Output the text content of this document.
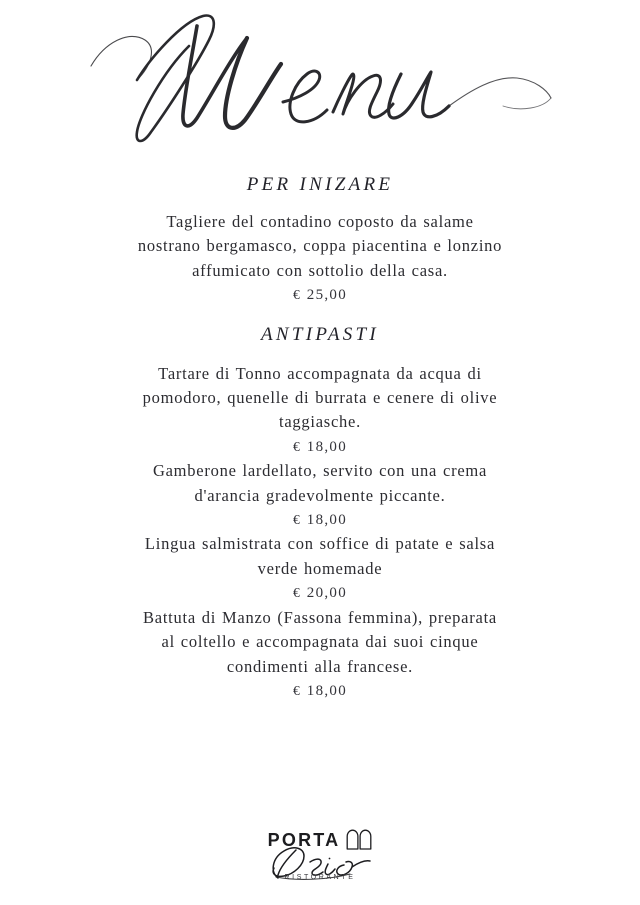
PER INIZARE

Tagliere del contadino coposto da salame nostrano bergamasco, coppa piacentina e lonzino affumicato con sottolio della casa.

€ 25,00

ANTIPASTI

Tartare di Tonno accompagnata da acqua di pomodoro, quenelle di burrata e cenere di olive taggiasche.

€ 18,00

Gamberone lardellato, servito con una crema d'arancia gradevolmente piccante.

€ 18,00

Lingua salmistrata con soffice di patate e salsa verde homemade

€ 20,00

Battuta di Manzo (Fassona femmina), preparata al coltello e accompagnata dai suoi cinque condimenti alla francese.

€ 18,00

PORTA
RISTORANTE
